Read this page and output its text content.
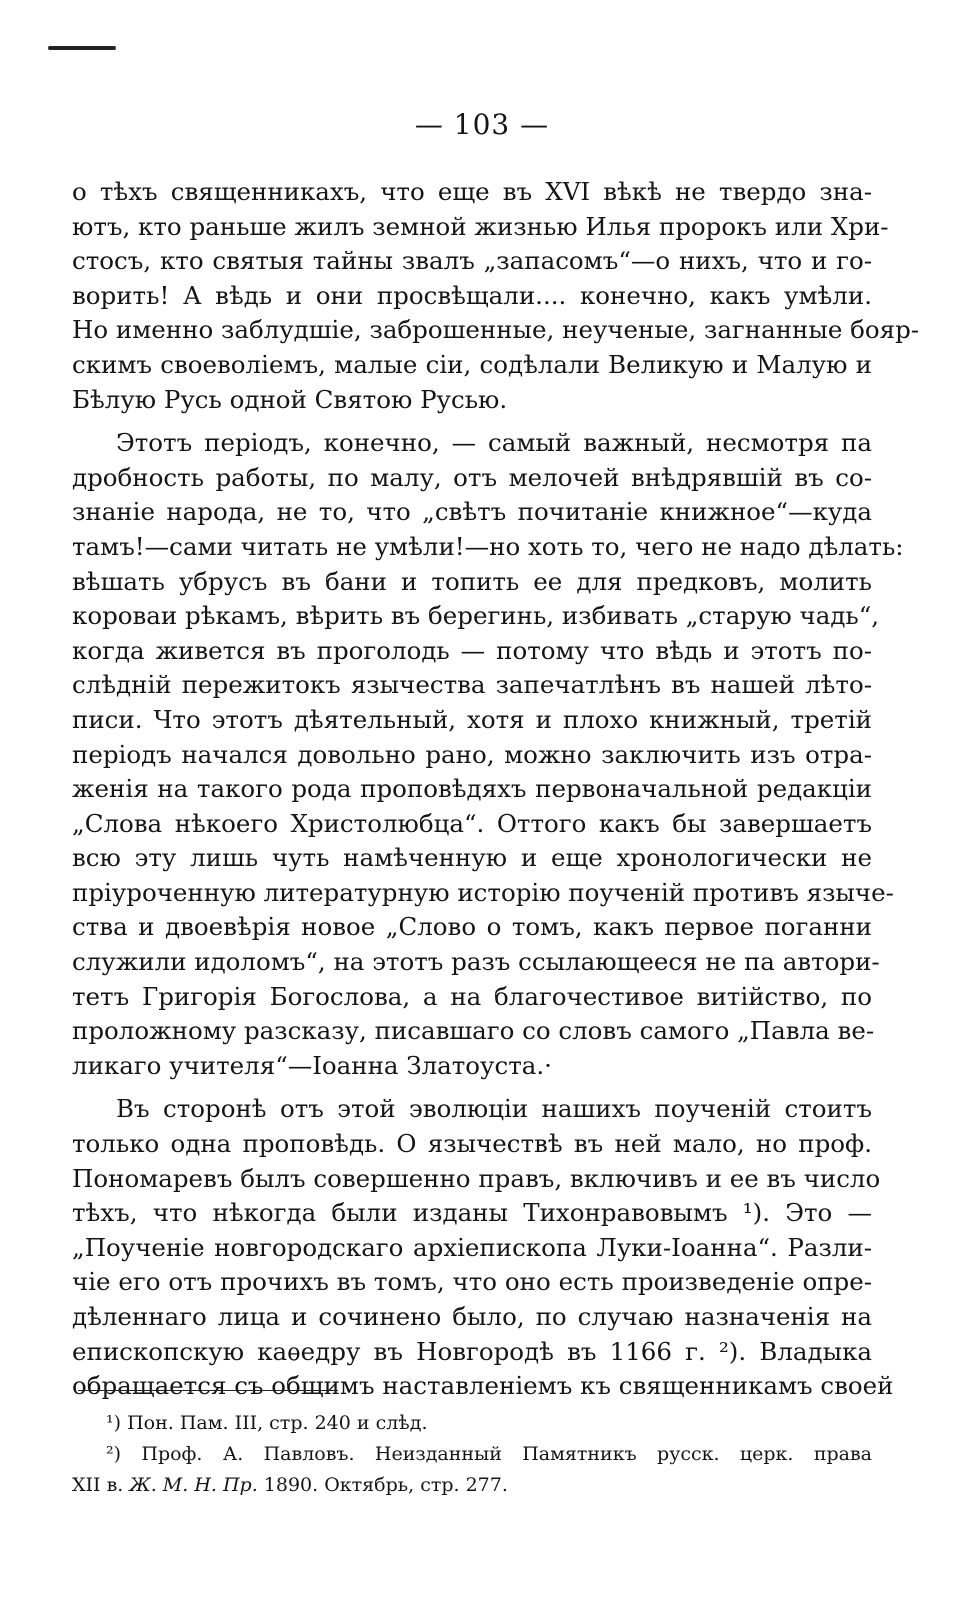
— 103 —
о тѣхъ священникахъ, что еще въ XVI вѣкѣ не твердо зна-
ютъ, кто раньше жилъ земной жизнью Илья пророкъ или Хри-
стосъ, кто святыя тайны звалъ „запасомъ“—о нихъ, что и го-
ворить! А вѣдь и они просвѣщали.... конечно, какъ умѣли.
Но именно заблудшіе, заброшенные, неученые, загнанные бояр-
скимъ своеволіемъ, малые сіи, содѣлали Великую и Малую и
Бѣлую Русь одной Святою Русью.
Этотъ періодъ, конечно, — самый важный, несмотря па
дробность работы, по малу, отъ мелочей внѣдрявшій въ со-
знаніе народа, не то, что „свѣтъ почитаніе книжное“—куда
тамъ!—сами читать не умѣли!—но хоть то, чего не надо дѣлать:
вѣшать убрусъ въ бани и топить ее для предковъ, молить
короваи рѣкамъ, вѣрить въ берегинь, избивать „старую чадь“,
когда живется въ проголодь — потому что вѣдь и этотъ по-
слѣдній пережитокъ язычества запечатлѣнъ въ нашей лѣто-
писи. Что этотъ дѣятельный, хотя и плохо книжный, третій
періодъ начался довольно рано, можно заключить изъ отра-
женія на такого рода проповѣдяхъ первоначальной редакціи
„Слова нѣкоего Христолюбца“. Оттого какъ бы завершаетъ
всю эту лишь чуть намѣченную и еще хронологически не
пріуроченную литературную исторію поученій противъ языче-
ства и двоевѣрія новое „Слово о томъ, какъ первое поганни
служили идоломъ“, на этотъ разъ ссылающееся не па автори-
тетъ Григорія Богослова, а на благочестивое витійство, по
проложному разсказу, писавшаго со словъ самого „Павла ве-
ликаго учителя“—Іоанна Златоуста.·
Въ сторонѣ отъ этой эволюціи нашихъ поученій стоитъ
только одна проповѣдь. О язычествѣ въ ней мало, но проф.
Пономаревъ былъ совершенно правъ, включивъ и ее въ число
тѣхъ, что нѣкогда были изданы Тихонравовымъ ¹). Это —
„Поученіе новгородскаго архіепископа Луки-Іоанна“. Разли-
чіе его отъ прочихъ въ томъ, что оно есть произведеніе опре-
дѣленнаго лица и сочинено было, по случаю назначенія на
епископскую каѳедру въ Новгородѣ въ 1166 г. ²). Владыка
обращается съ общимъ наставленіемъ къ священникамъ своей
¹) Пон. Пам. III, стр. 240 и слѣд.
²) Проф. А. Павловъ. Неизданный Памятникъ русск. церк. права
XII в. Ж. М. Н. Пр. 1890. Октябрь, стр. 277.
